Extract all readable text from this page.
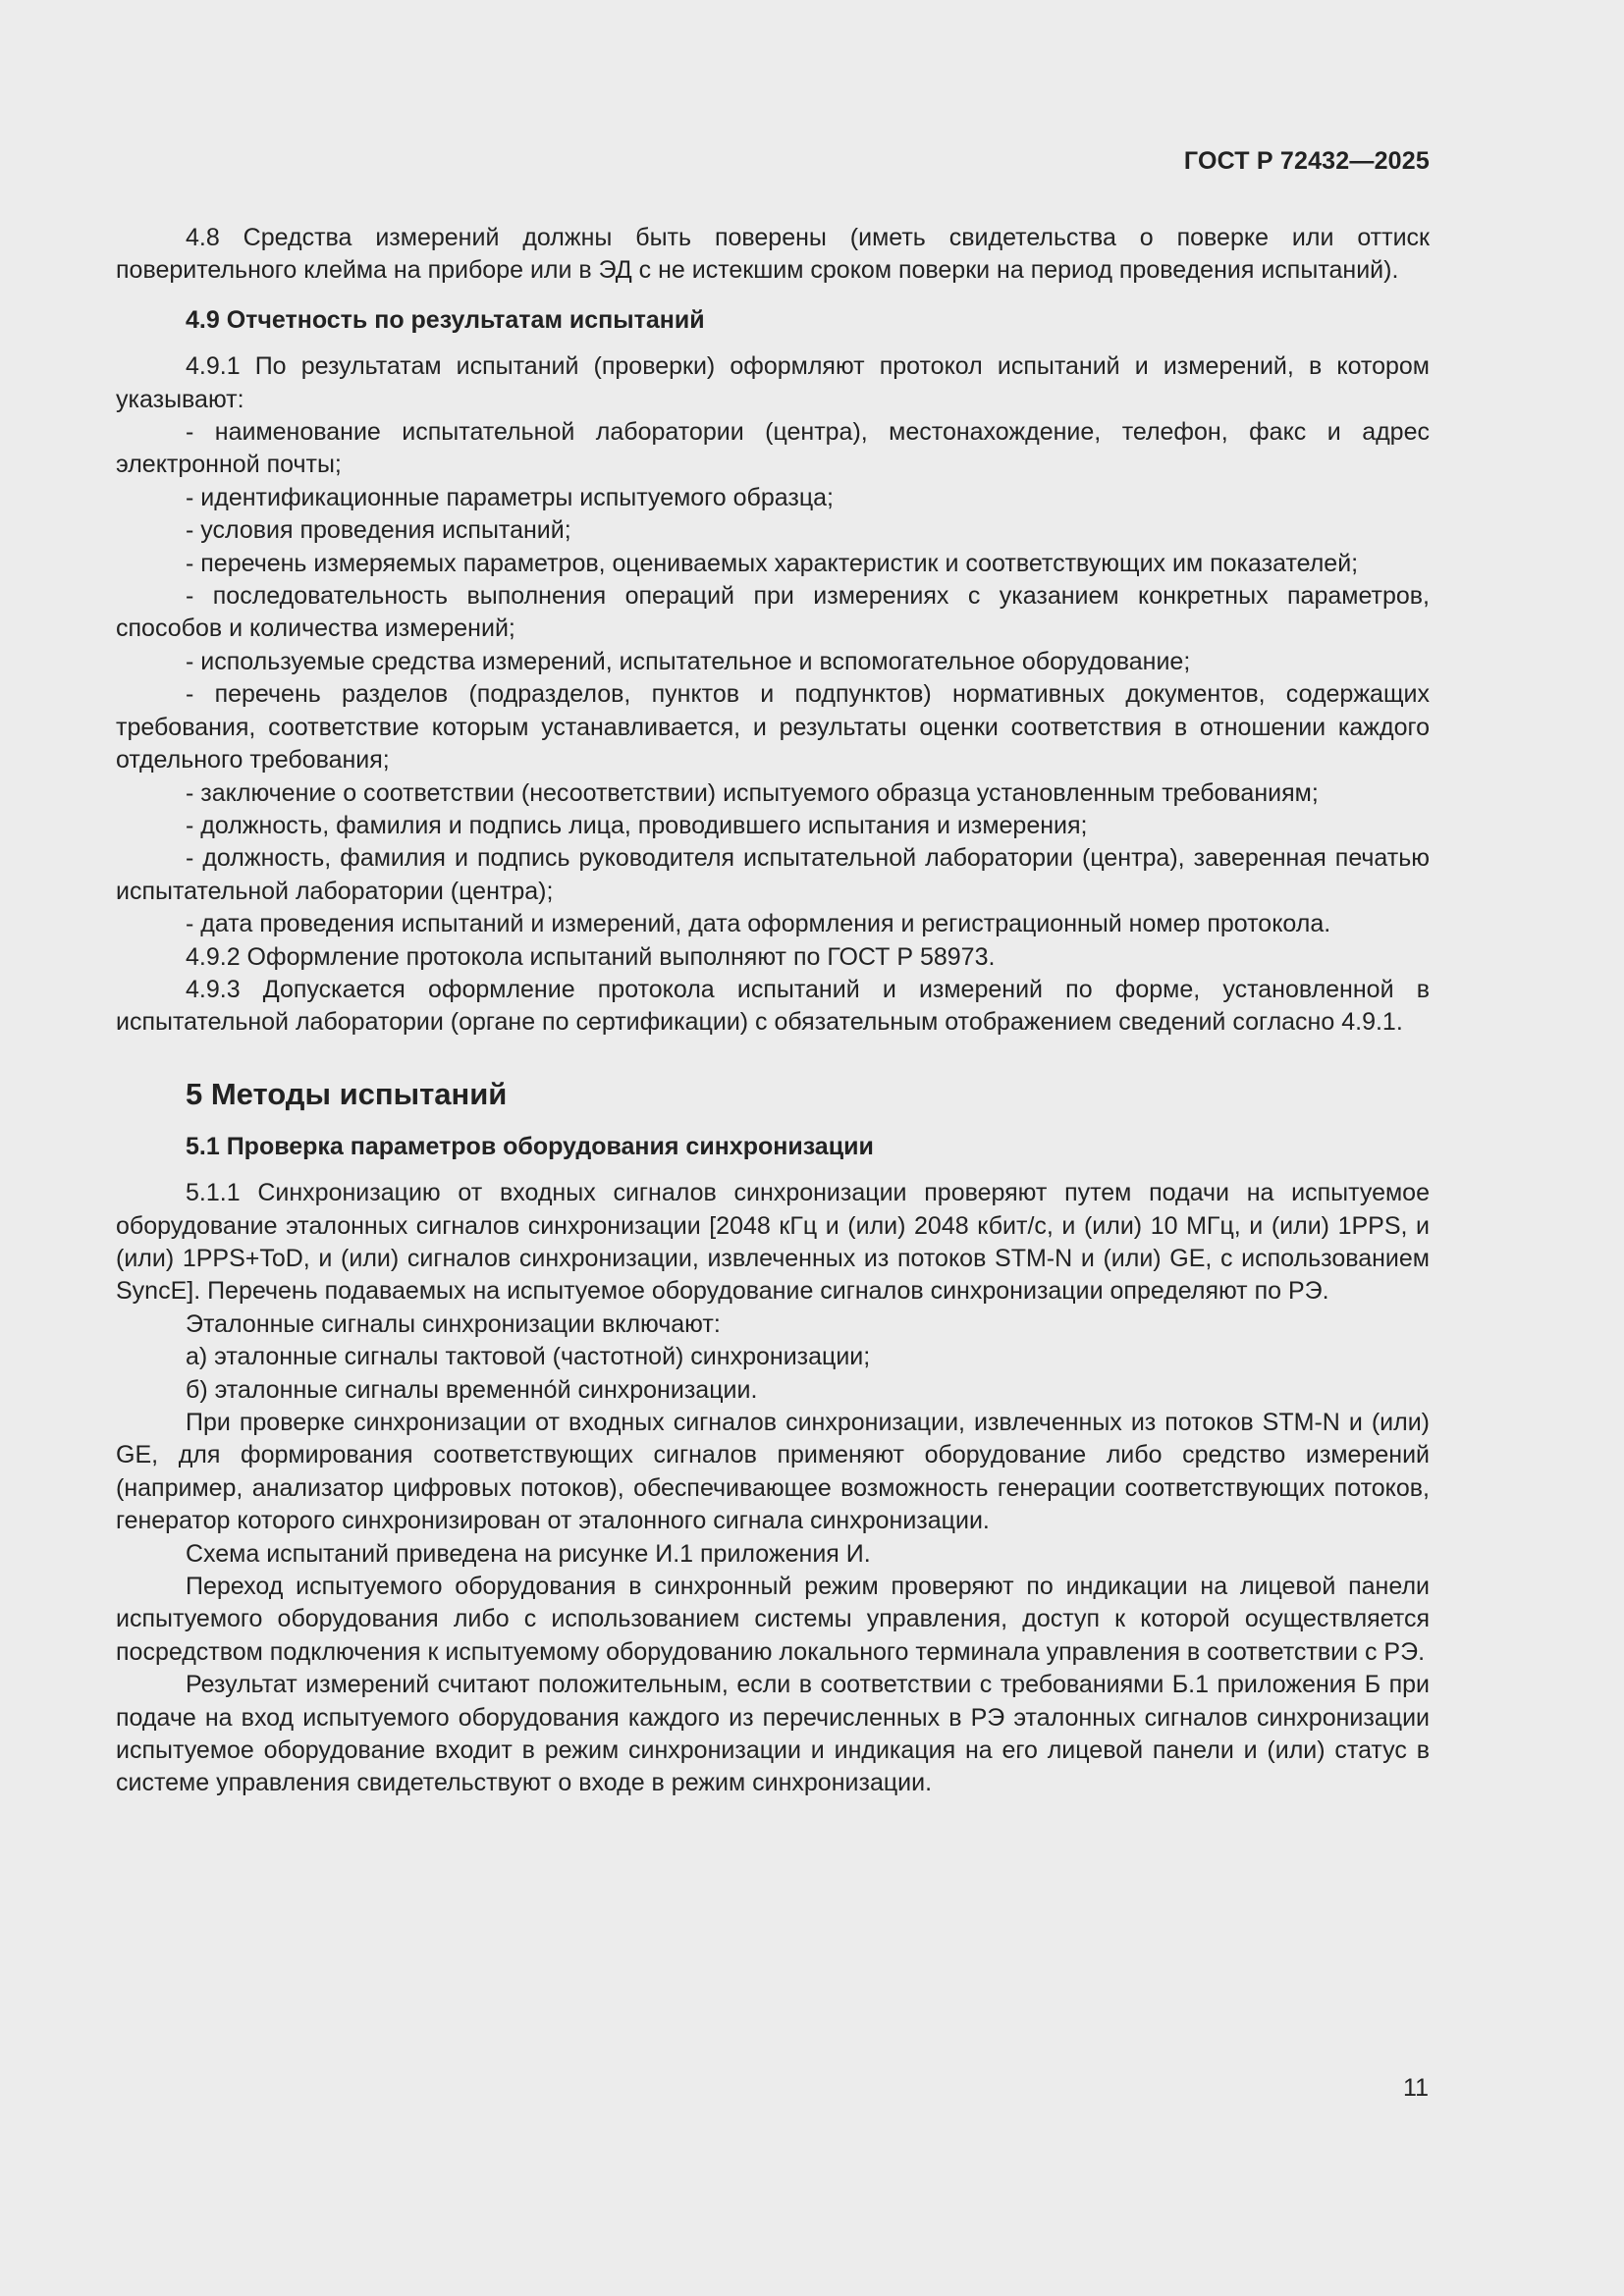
ГОСТ Р 72432—2025

4.8 Средства измерений должны быть поверены (иметь свидетельства о поверке или оттиск поверительного клейма на приборе или в ЭД с не истекшим сроком поверки на период проведения испытаний).

4.9 Отчетность по результатам испытаний

4.9.1 По результатам испытаний (проверки) оформляют протокол испытаний и измерений, в котором указывают:

- наименование испытательной лаборатории (центра), местонахождение, телефон, факс и адрес электронной почты;

- идентификационные параметры испытуемого образца;

- условия проведения испытаний;

- перечень измеряемых параметров, оцениваемых характеристик и соответствующих им показателей;

- последовательность выполнения операций при измерениях с указанием конкретных параметров, способов и количества измерений;

- используемые средства измерений, испытательное и вспомогательное оборудование;

- перечень разделов (подразделов, пунктов и подпунктов) нормативных документов, содержащих требования, соответствие которым устанавливается, и результаты оценки соответствия в отношении каждого отдельного требования;

- заключение о соответствии (несоответствии) испытуемого образца установленным требованиям;

- должность, фамилия и подпись лица, проводившего испытания и измерения;

- должность, фамилия и подпись руководителя испытательной лаборатории (центра), заверенная печатью испытательной лаборатории (центра);

- дата проведения испытаний и измерений, дата оформления и регистрационный номер протокола.

4.9.2 Оформление протокола испытаний выполняют по ГОСТ Р 58973.

4.9.3 Допускается оформление протокола испытаний и измерений по форме, установленной в испытательной лаборатории (органе по сертификации) с обязательным отображением сведений согласно 4.9.1.

5 Методы испытаний
5.1 Проверка параметров оборудования синхронизации

5.1.1 Синхронизацию от входных сигналов синхронизации проверяют путем подачи на испытуемое оборудование эталонных сигналов синхронизации [2048 кГц и (или) 2048 кбит/с, и (или) 10 МГц, и (или) 1PPS, и (или) 1PPS+ToD, и (или) сигналов синхронизации, извлеченных из потоков STM-N и (или) GE, с использованием SyncE]. Перечень подаваемых на испытуемое оборудование сигналов синхронизации определяют по РЭ.

Эталонные сигналы синхронизации включают:

а) эталонные сигналы тактовой (частотной) синхронизации;

б) эталонные сигналы временно́й синхронизации.

При проверке синхронизации от входных сигналов синхронизации, извлеченных из потоков STM-N и (или) GE, для формирования соответствующих сигналов применяют оборудование либо средство измерений (например, анализатор цифровых потоков), обеспечивающее возможность генерации соответствующих потоков, генератор которого синхронизирован от эталонного сигнала синхронизации.

Схема испытаний приведена на рисунке И.1 приложения И.

Переход испытуемого оборудования в синхронный режим проверяют по индикации на лицевой панели испытуемого оборудования либо с использованием системы управления, доступ к которой осуществляется посредством подключения к испытуемому оборудованию локального терминала управления в соответствии с РЭ.

Результат измерений считают положительным, если в соответствии с требованиями Б.1 приложения Б при подаче на вход испытуемого оборудования каждого из перечисленных в РЭ эталонных сигналов синхронизации испытуемое оборудование входит в режим синхронизации и индикация на его лицевой панели и (или) статус в системе управления свидетельствуют о входе в режим синхронизации.

11
